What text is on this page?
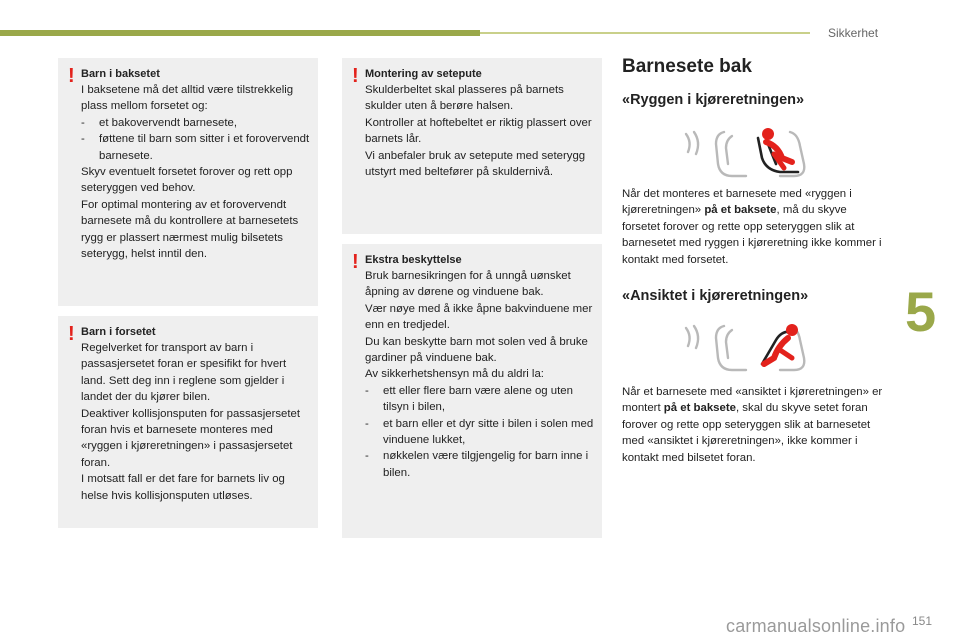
Sikkerhet
5
! Barn i baksetet

I baksetene må det alltid være tilstrekkelig plass mellom forsetet og:

- et bakovervendt barnesete,
- føttene til barn som sitter i et forovervendt barnesete.

Skyv eventuelt forsetet forover og rett opp seteryggen ved behov.
For optimal montering av et forovervendt barnesete må du kontrollere at barnesetets rygg er plassert nærmest mulig bilsetets seterygg, helst inntil den.

! Barn i forsetet

Regelverket for transport av barn i passasjersetet foran er spesifikt for hvert land. Sett deg inn i reglene som gjelder i landet der du kjører bilen.
Deaktiver kollisjonsputen for passasjersetet foran hvis et barnesete monteres med «ryggen i kjøreretningen» i passasjersetet foran.
I motsatt fall er det fare for barnets liv og helse hvis kollisjonsputen utløses.

! Montering av setepute

Skulderbeltet skal plasseres på barnets skulder uten å berøre halsen.
Kontroller at hoftebeltet er riktig plassert over barnets lår.
Vi anbefaler bruk av setepute med seterygg utstyrt med beltefører på skuldernivå.

! Ekstra beskyttelse

Bruk barnesikringen for å unngå uønsket åpning av dørene og vinduene bak.
Vær nøye med å ikke åpne bakvinduene mer enn en tredjedel.
Du kan beskytte barn mot solen ved å bruke gardiner på vinduene bak.
Av sikkerhetshensyn må du aldri la:

- ett eller flere barn være alene og uten tilsyn i bilen,
- et barn eller et dyr sitte i bilen i solen med vinduene lukket,
- nøkkelen være tilgjengelig for barn inne i bilen.
Barnesete bak
«Ryggen i kjøreretningen»
Når det monteres et barnesete med «ryggen i kjøreretningen» på et baksete, må du skyve forsetet forover og rette opp seteryggen slik at barnesetet med ryggen i kjøreretning ikke kommer i kontakt med forsetet.
«Ansiktet i kjøreretningen»
Når et barnesete med «ansiktet i kjøreretningen» er montert på et baksete, skal du skyve setet foran forover og rette opp seteryggen slik at barnesetet med «ansiktet i kjøreretningen», ikke kommer i kontakt med bilsetet foran.
carmanualsonline.info 151
